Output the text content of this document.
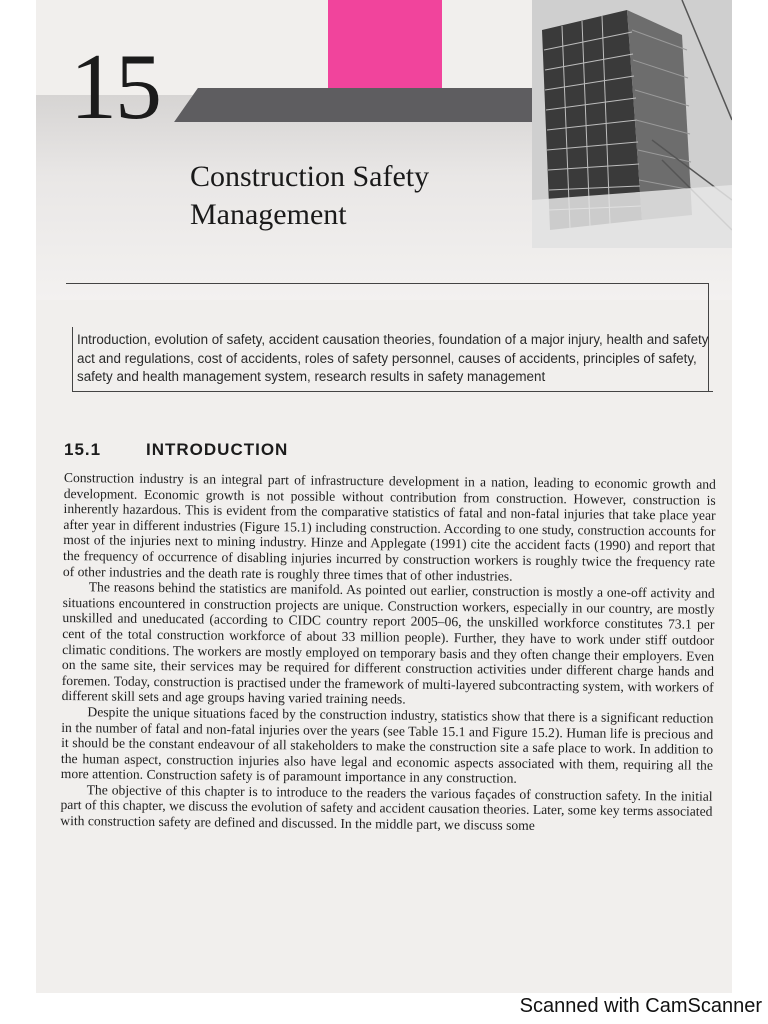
15
Construction Safety Management
Introduction, evolution of safety, accident causation theories, foundation of a major injury, health and safety act and regulations, cost of accidents, roles of safety personnel, causes of accidents, principles of safety, safety and health management system, research results in safety management
15.1	INTRODUCTION

Construction industry is an integral part of infrastructure development in a nation, leading to economic growth and development. Economic growth is not possible without contribution from construction. However, construction is inherently hazardous. This is evident from the comparative statistics of fatal and non-fatal injuries that take place year after year in different industries (Figure 15.1) including construction. According to one study, construction accounts for most of the injuries next to mining industry. Hinze and Applegate (1991) cite the accident facts (1990) and report that the frequency of occurrence of disabling injuries incurred by construction workers is roughly twice the frequency rate of other industries and the death rate is roughly three times that of other industries.

The reasons behind the statistics are manifold. As pointed out earlier, construction is mostly a one-off activity and situations encountered in construction projects are unique. Construction workers, especially in our country, are mostly unskilled and uneducated (according to CIDC country report 2005–06, the unskilled workforce constitutes 73.1 per cent of the total construction workforce of about 33 million people). Further, they have to work under stiff outdoor climatic conditions. The workers are mostly employed on temporary basis and they often change their employers. Even on the same site, their services may be required for different construction activities under different charge hands and foremen. Today, construction is practised under the framework of multi-layered subcontracting system, with workers of different skill sets and age groups having varied training needs.

Despite the unique situations faced by the construction industry, statistics show that there is a significant reduction in the number of fatal and non-fatal injuries over the years (see Table 15.1 and Figure 15.2). Human life is precious and it should be the constant endeavour of all stakeholders to make the construction site a safe place to work. In addition to the human aspect, construction injuries also have legal and economic aspects associated with them, requiring all the more attention. Construction safety is of paramount importance in any construction.

The objective of this chapter is to introduce to the readers the various façades of construction safety. In the initial part of this chapter, we discuss the evolution of safety and accident causation theories. Later, some key terms associated with construction safety are defined and discussed. In the middle part, we discuss some

Scanned with CamScanner
